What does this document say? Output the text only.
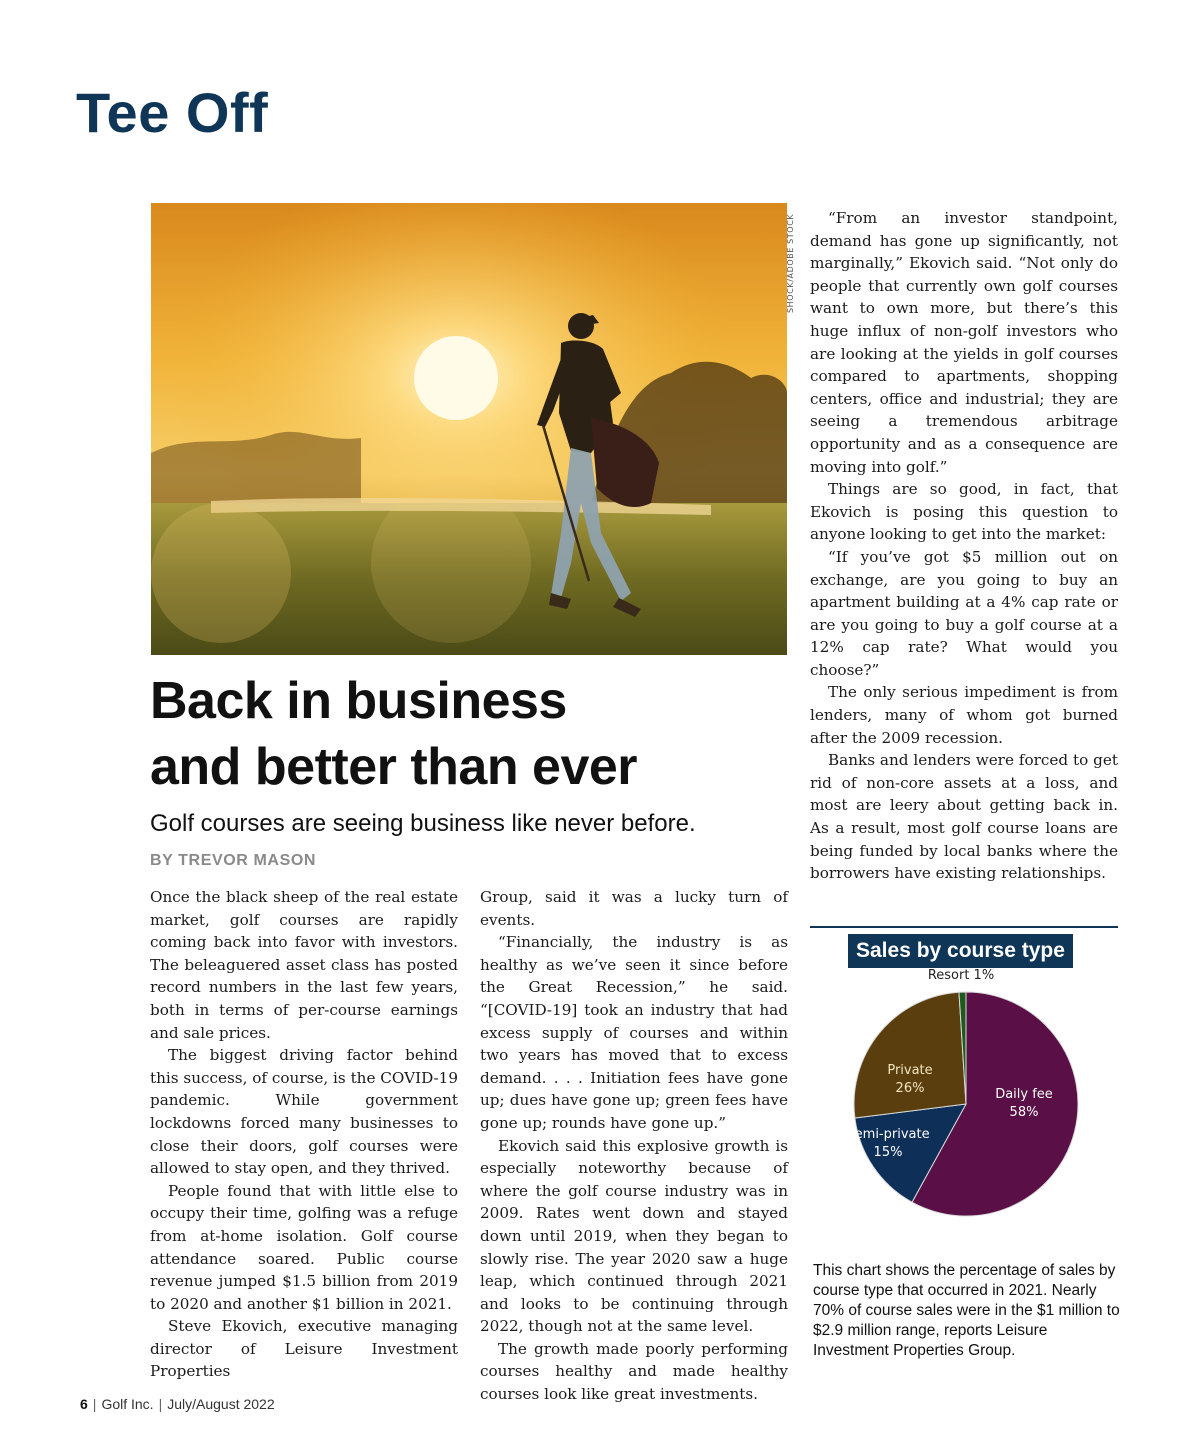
Tee Off
SHOCK/ADOBE STOCK
Back in business
and better than ever

Golf courses are seeing business like never before.

BY TREVOR MASON

Once the black sheep of the real estate market, golf courses are rapidly coming back into favor with investors. The beleaguered asset class has posted record numbers in the last few years, both in terms of per-course earnings and sale prices.

The biggest driving factor behind this success, of course, is the COVID-19 pandemic. While government lockdowns forced many businesses to close their doors, golf courses were allowed to stay open, and they thrived.

People found that with little else to occupy their time, golfing was a refuge from at-home isolation. Golf course attendance soared. Public course revenue jumped $1.5 billion from 2019 to 2020 and another $1 billion in 2021.

Steve Ekovich, executive managing director of Leisure Investment Properties

Group, said it was a lucky turn of events.

“Financially, the industry is as healthy as we’ve seen it since before the Great Recession,” he said. “[COVID-19] took an industry that had excess supply of courses and within two years has moved that to excess demand. . . . Initiation fees have gone up; dues have gone up; green fees have gone up; rounds have gone up.”

Ekovich said this explosive growth is especially noteworthy because of where the golf course industry was in 2009. Rates went down and stayed down until 2019, when they began to slowly rise. The year 2020 saw a huge leap, which continued through 2021 and looks to be continuing through 2022, though not at the same level.

The growth made poorly performing courses healthy and made healthy courses look like great investments.

“From an investor standpoint, demand has gone up significantly, not marginally,” Ekovich said. “Not only do people that currently own golf courses want to own more, but there’s this huge influx of non-golf investors who are looking at the yields in golf courses compared to apartments, shopping centers, office and industrial; they are seeing a tremendous arbitrage opportunity and as a consequence are moving into golf.”

Things are so good, in fact, that Ekovich is posing this question to anyone looking to get into the market:

“If you’ve got $5 million out on exchange, are you going to buy an apartment building at a 4% cap rate or are you going to buy a golf course at a 12% cap rate? What would you choose?”

The only serious impediment is from lenders, many of whom got burned after the 2009 recession.

Banks and lenders were forced to get rid of non-core assets at a loss, and most are leery about getting back in. As a result, most golf course loans are being funded by local banks where the borrowers have existing relationships.

Sales by course type
Daily fee 58%
Semi-private 15%
Private 26%
Resort 1%

This chart shows the percentage of sales by course type that occurred in 2021. Nearly 70% of course sales were in the $1 million to $2.9 million range, reports Leisure Investment Properties Group.

6 | Golf Inc. | July/August 2022
